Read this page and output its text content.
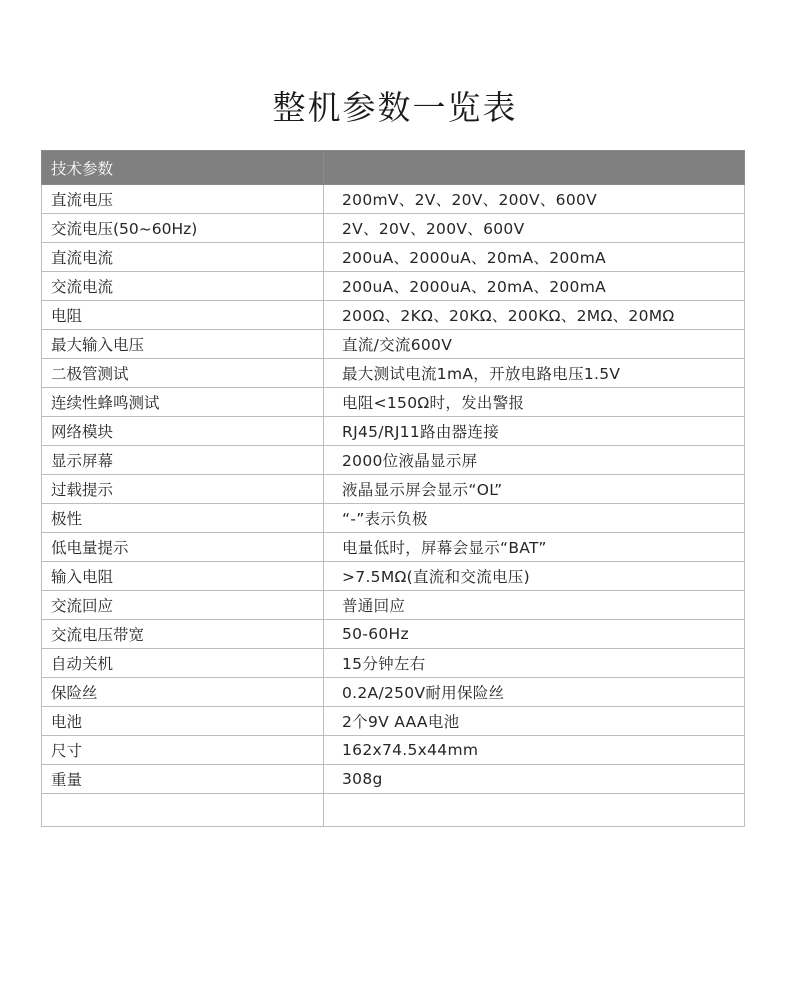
整机参数一览表
技术参数	
直流电压	200mV、2V、20V、200V、600V
交流电压(50~60Hz)	2V、20V、200V、600V
直流电流	200uA、2000uA、20mA、200mA
交流电流	200uA、2000uA、20mA、200mA
电阻	200Ω、2KΩ、20KΩ、200KΩ、2MΩ、20MΩ
最大输入电压	直流/交流600V
二极管测试	最大测试电流1mA，开放电路电压1.5V
连续性蜂鸣测试	电阻<150Ω时，发出警报
网络模块	RJ45/RJ11路由器连接
显示屏幕	2000位液晶显示屏
过载提示	液晶显示屏会显示“OL”
极性	“-”表示负极
低电量提示	电量低时，屏幕会显示“BAT”
输入电阻	>7.5MΩ(直流和交流电压)
交流回应	普通回应
交流电压带宽	50-60Hz
自动关机	15分钟左右
保险丝	0.2A/250V耐用保险丝
电池	2个9V AAA电池
尺寸	162x74.5x44mm
重量	308g
